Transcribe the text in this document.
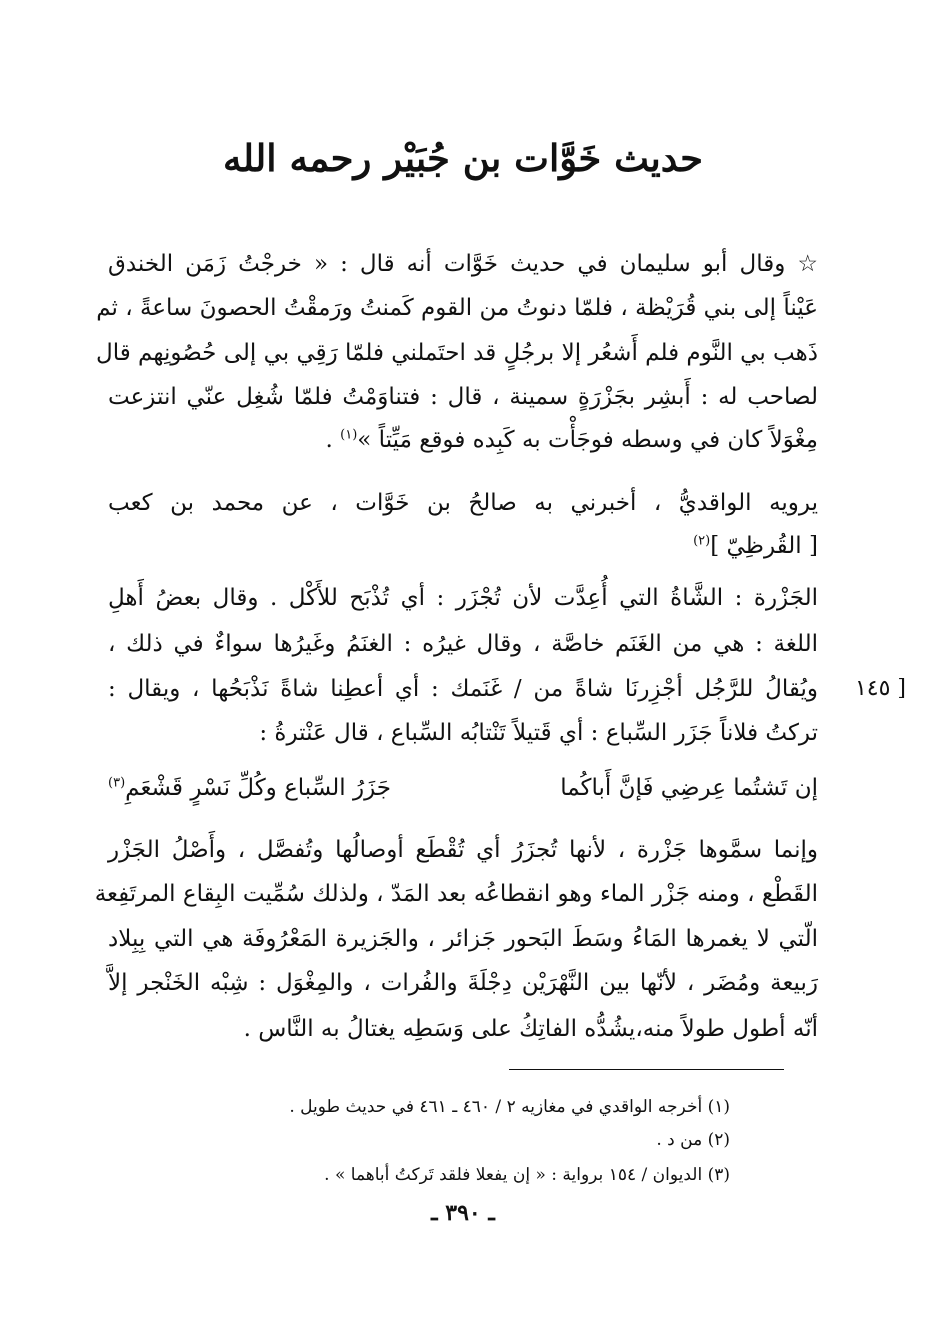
حديث خَوَّات بن جُبَيْر رحمه الله
☆ وقال أبو سليمان في حديث خَوَّات أنه قال : « خرجْتُ زَمَن الخندق
عَيْناً إلى بني قُرَيْظة ، فلمّا دنوتُ من القوم كَمنتُ ورَمقْتُ الحصونَ ساعةً ، ثم
ذَهب بي النَّوم فلم أَشعُر إلا برجُلٍ قد احتَملني فلمّا رَقِي بي إلى حُصُونِهم قال
لصاحب له : أَبشِر بجَزْرَةٍ سمينة ، قال : فتناوَمْتُ فلمّا شُغِل عنّي انتزعت
مِغْوَلاً كان في وسطه فوجَأْت به كَبِده فوقع مَيِّتاً »$^{(١)}$ .
يرويه الواقديُّ ، أخبرني به صالحُ بن خَوَّات ، عن محمد بن كعب
[ القُرظِيّ ]$^{(٢)}$
الجَزْرة : الشَّاةُ التي أُعِدَّت لأن تُجْزَر : أي تُذْبَح للأَكْل . وقال بعضُ أَهلِ
اللغة : هي من الغَنَم خاصَّة ، وقال غيرُه : الغنَمُ وغَيرُها سواءٌ في ذلك ،
ويُقالُ للرَّجُل أجْزِرنَا شاةً من / غَنَمك : أي أعطِنا شاةً نَذْبَحُها ، ويقال :
تركتُ فلاناً جَزَر السِّباع : أي قَتيلاً تَنْتابُه السِّباع ، قال عَنْترةُ :
[ ١٤٥
إن تَشتُما عِرضِي فَإنَّ أَباكُما
جَزَرُ السِّباع وكُلِّ نَسْرٍ قَشْعَمِ$^{(٣)}$
وإنما سمَّوها جَزْرة ، لأنها تُجزَرُ أي تُقْطَع أوصالُها وتُفصَّل ، وأَصْلُ الجَزْر
القَطْع ، ومنه جَزْر الماء وهو انقطاعُه بعد المَدّ ، ولذلك سُمِّيت البِقاع المرتَفِعة
الّتي لا يغمرها المَاءُ وسَطَ البَحور جَزائر ، والجَزيرة المَعْرُوفَة هي التي بِبِلاد
رَبيعة ومُضَر ، لأنّها بين النَّهْرَيْن دِجْلَةَ والفُرات ، والمِغْوَل : شِبْه الخَنْجر إلاَّ
أنّه أطول طولاً منه،يشُدُّه الفاتِكُ على وَسَطِه يغتالُ به النَّاس .
(١) أخرجه الواقدي في مغازيه ٢ / ٤٦٠ ـ ٤٦١ في حديث طويل .
(٢) من د .
(٣) الديوان / ١٥٤ برواية : « إن يفعلا فلقد تَركتُ أباهما » .
ـ ٣٩٠ ـ
